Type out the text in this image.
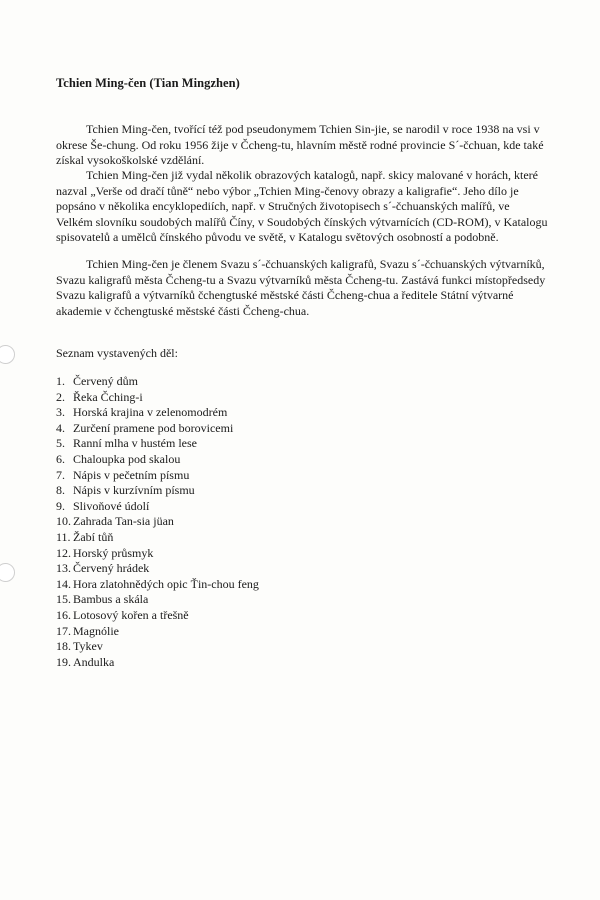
Tchien Ming-čen (Tian Mingzhen)

Tchien Ming-čen, tvořící též pod pseudonymem Tchien Sin-jie, se narodil v roce 1938 na vsi v okrese Še-chung. Od roku 1956 žije v Čcheng-tu, hlavním městě rodné provincie S´-čchuan, kde také získal vysokoškolské vzdělání.

Tchien Ming-čen již vydal několik obrazových katalogů, např. skicy malované v horách, které nazval „Verše od dračí tůně“ nebo výbor „Tchien Ming-čenovy obrazy a kaligrafie“. Jeho dílo je popsáno v několika encyklopediích, např. v Stručných životopisech s´-čchuanských malířů, ve Velkém slovníku soudobých malířů Číny, v Soudobých čínských výtvarnících (CD-ROM), v Katalogu spisovatelů a umělců čínského původu ve světě, v Katalogu světových osobností a podobně.

Tchien Ming-čen je členem Svazu s´-čchuanských kaligrafů, Svazu s´-čchuanských výtvarníků, Svazu kaligrafů města Čcheng-tu a Svazu výtvarníků města Čcheng-tu. Zastává funkci místopředsedy Svazu kaligrafů a výtvarníků čchengtuské městské části Čcheng-chua a ředitele Státní výtvarné akademie v čchengtuské městské části Čcheng-chua.

Seznam vystavených děl:
1. Červený dům
2. Řeka Čching-i
3. Horská krajina v zelenomodrém
4. Zurčení pramene pod borovicemi
5. Ranní mlha v hustém lese
6. Chaloupka pod skalou
7. Nápis v pečetním písmu
8. Nápis v kurzívním písmu
9. Slivoňové údolí
10. Zahrada Tan-sia jüan
11. Žabí tůň
12. Horský průsmyk
13. Červený hrádek
14. Hora zlatohnědých opic Ťin-chou feng
15. Bambus a skála
16. Lotosový kořen a třešně
17. Magnólie
18. Tykev
19. Andulka
